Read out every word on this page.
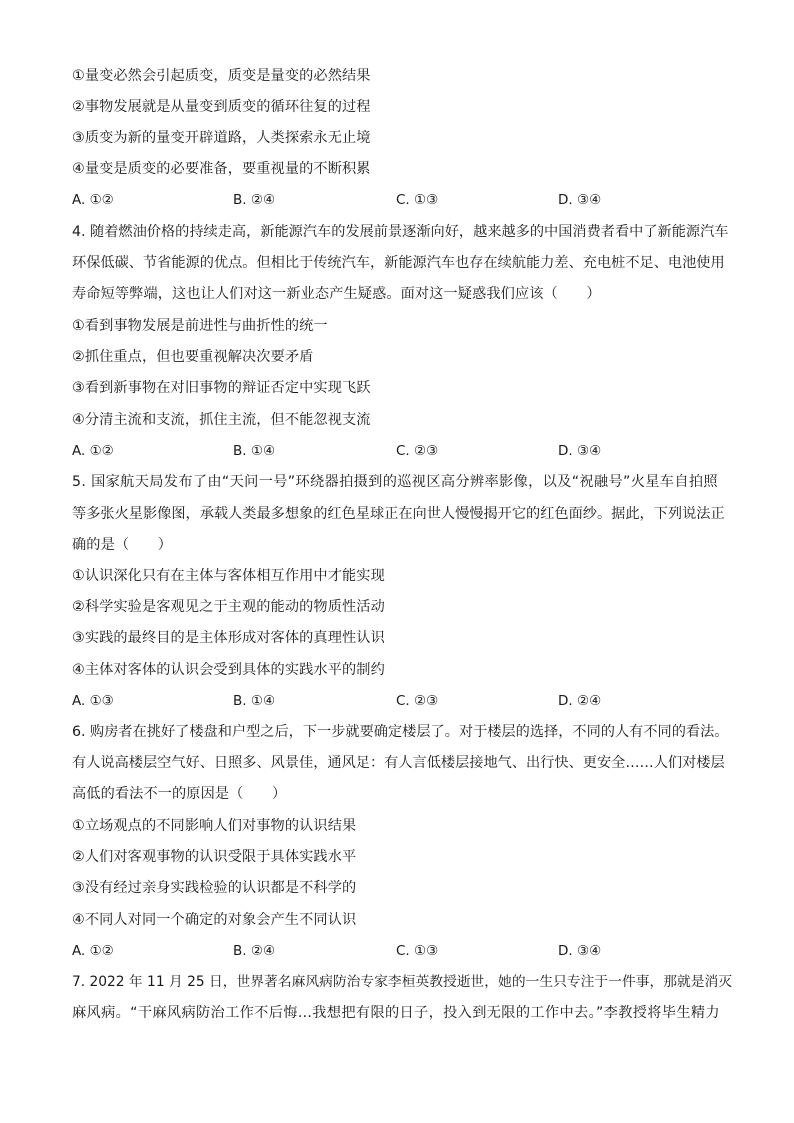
①量变必然会引起质变，质变是量变的必然结果
②事物发展就是从量变到质变的循环往复的过程
③质变为新的量变开辟道路，人类探索永无止境
④量变是质变的必要准备，要重视量的不断积累
A. ①②	B. ②④	C. ①③	D. ③④
4. 随着燃油价格的持续走高，新能源汽车的发展前景逐渐向好，越来越多的中国消费者看中了新能源汽车
环保低碳、节省能源的优点。但相比于传统汽车，新能源汽车也存在续航能力差、充电桩不足、电池使用
寿命短等弊端，这也让人们对这一新业态产生疑惑。面对这一疑惑我们应该（　　）
①看到事物发展是前进性与曲折性的统一
②抓住重点，但也要重视解决次要矛盾
③看到新事物在对旧事物的辩证否定中实现飞跃
④分清主流和支流，抓住主流，但不能忽视支流
A. ①②	B. ①④	C. ②③	D. ③④
5. 国家航天局发布了由“天问一号”环绕器拍摄到的巡视区高分辨率影像，以及“祝融号”火星车自拍照
等多张火星影像图，承载人类最多想象的红色星球正在向世人慢慢揭开它的红色面纱。据此，下列说法正
确的是（　　）
①认识深化只有在主体与客体相互作用中才能实现
②科学实验是客观见之于主观的能动的物质性活动
③实践的最终目的是主体形成对客体的真理性认识
④主体对客体的认识会受到具体的实践水平的制约
A. ①③	B. ①④	C. ②③	D. ②④
6. 购房者在挑好了楼盘和户型之后，下一步就要确定楼层了。对于楼层的选择，不同的人有不同的看法。
有人说高楼层空气好、日照多、风景佳，通风足：有人言低楼层接地气、出行快、更安全……人们对楼层
高低的看法不一的原因是（　　）
①立场观点的不同影响人们对事物的认识结果
②人们对客观事物的认识受限于具体实践水平
③没有经过亲身实践检验的认识都是不科学的
④不同人对同一个确定的对象会产生不同认识
A. ①②	B. ②④	C. ①③	D. ③④
7. 2022 年 11 月 25 日，世界著名麻风病防治专家李桓英教授逝世，她的一生只专注于一件事，那就是消灭
麻风病。“干麻风病防治工作不后悔…我想把有限的日子，投入到无限的工作中去。”李教授将毕生精力
